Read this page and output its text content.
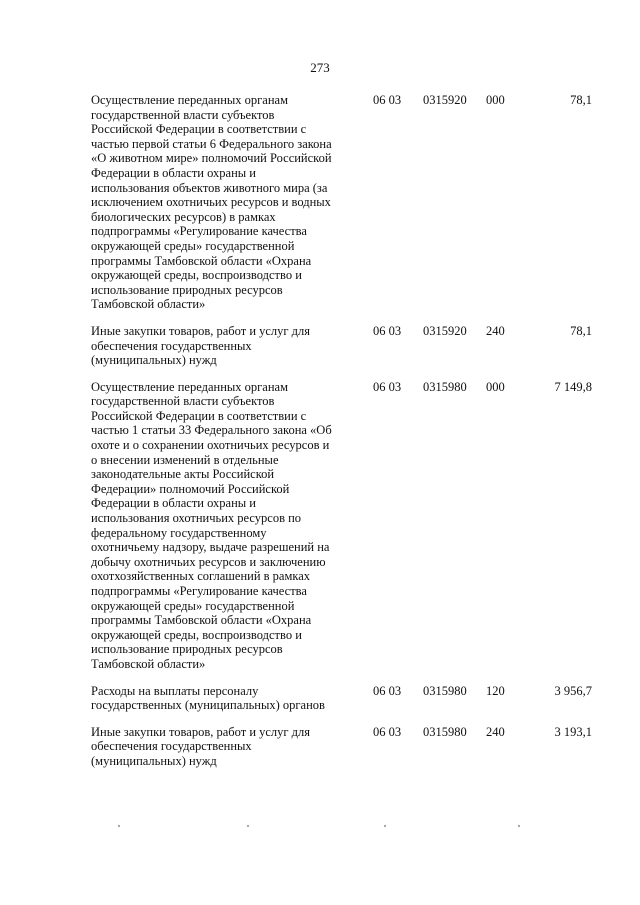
273
Осуществление переданных органам
государственной власти субъектов
Российской Федерации в соответствии с
частью первой статьи 6 Федерального закона
«О животном мире» полномочий Российской
Федерации в области охраны и
использования объектов животного мира (за
исключением охотничьих ресурсов и водных
биологических ресурсов) в рамках
подпрограммы «Регулирование качества
окружающей среды» государственной
программы Тамбовской области «Охрана
окружающей среды, воспроизводство и
использование природных ресурсов
Тамбовской области»
06 03	0315920	000	78,1
Иные закупки товаров, работ и услуг для
обеспечения государственных
(муниципальных) нужд
06 03	0315920	240	78,1
Осуществление переданных органам
государственной власти субъектов
Российской Федерации в соответствии с
частью 1 статьи 33 Федерального закона «Об
охоте и о сохранении охотничьих ресурсов и
о внесении изменений в отдельные
законодательные акты Российской
Федерации» полномочий Российской
Федерации в области охраны и
использования охотничьих ресурсов по
федеральному государственному
охотничьему надзору, выдаче разрешений на
добычу охотничьих ресурсов и заключению
охотхозяйственных соглашений в рамках
подпрограммы «Регулирование качества
окружающей среды» государственной
программы Тамбовской области «Охрана
окружающей среды, воспроизводство и
использование природных ресурсов
Тамбовской области»
06 03	0315980	000	7 149,8
Расходы на выплаты персоналу
государственных (муниципальных) органов
06 03	0315980	120	3 956,7
Иные закупки товаров, работ и услуг для
обеспечения государственных
(муниципальных) нужд
06 03	0315980	240	3 193,1
